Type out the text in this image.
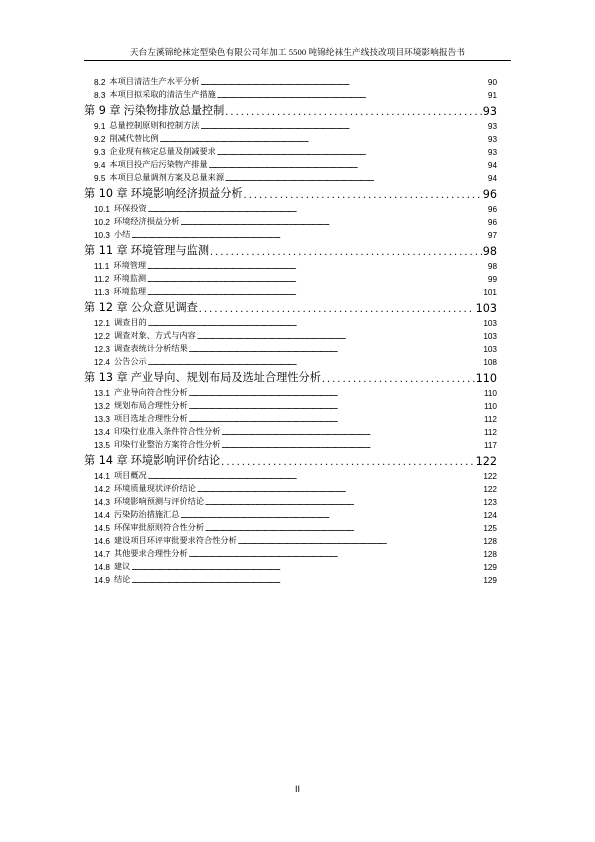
天台左溪锦纶袜定型染色有限公司年加工 5500 吨锦纶袜生产线技改项目环境影响报告书
8.2 本项目清洁生产水平分析 . . .	90
8.3 本项目拟采取的清洁生产措施 . . .	91
第 9 章 污染物排放总量控制 . . .	93
9.1 总量控制原则和控制方法 . . .	93
9.2 削减代替比例 . . .	93
9.3 企业现有核定总量及削减要求 . . .	93
9.4 本项目投产后污染物产排量 . . .	94
9.5 本项目总量调剂方案及总量来源 . . .	94
第 10 章 环境影响经济损益分析 . . .	96
10.1 环保投资 . . .	96
10.2 环境经济损益分析 . . .	96
10.3 小结 . . .	97
第 11 章 环境管理与监测 . . .	98
11.1 环境管理 . . .	98
11.2 环境监测 . . .	99
11.3 环境监理 . . .	101
第 12 章 公众意见调查 . . .	103
12.1 调查目的 . . .	103
12.2 调查对象、方式与内容 . . .	103
12.3 调查表统计分析结果 . . .	103
12.4 公告公示 . . .	108
第 13 章 产业导向、规划布局及选址合理性分析 . . .	110
13.1 产业导向符合性分析 . . .	110
13.2 规划布局合理性分析 . . .	110
13.3 项目选址合理性分析 . . .	112
13.4 印染行业准入条件符合性分析 . . .	112
13.5 印染行业整治方案符合性分析 . . .	117
第 14 章 环境影响评价结论 . . .	122
14.1 项目概况 . . .	122
14.2 环境质量现状评价结论 . . .	122
14.3 环境影响预测与评价结论 . . .	123
14.4 污染防治措施汇总 . . .	124
14.5 环保审批原则符合性分析 . . .	125
14.6 建设项目环评审批要求符合性分析 . . .	128
14.7 其他要求合理性分析 . . .	128
14.8 建议 . . .	129
14.9 结论 . . .	129
II
